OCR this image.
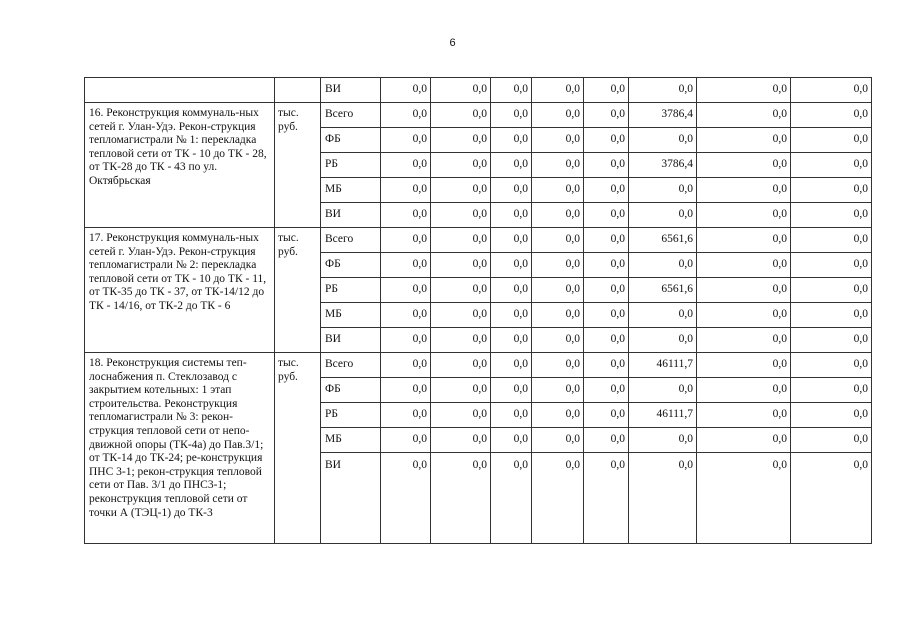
6
		ВИ	0,0	0,0	0,0	0,0	0,0	0,0	0,0	0,0
16. Реконструкция коммуналь-ных сетей г. Улан-Удэ. Рекон-струкция тепломагистрали № 1: перекладка тепловой сети от ТК - 10 до ТК - 28, от ТК-28 до ТК - 43 по ул. Октябрьская	тыс. руб.	Всего	0,0	0,0	0,0	0,0	0,0	3786,4	0,0	0,0
		ФБ	0,0	0,0	0,0	0,0	0,0	0,0	0,0	0,0
		РБ	0,0	0,0	0,0	0,0	0,0	3786,4	0,0	0,0
		МБ	0,0	0,0	0,0	0,0	0,0	0,0	0,0	0,0
		ВИ	0,0	0,0	0,0	0,0	0,0	0,0	0,0	0,0
17. Реконструкция коммуналь-ных сетей г. Улан-Удэ. Рекон-струкция тепломагистрали № 2: перекладка тепловой сети от ТК - 10 до ТК - 11, от ТК-35 до ТК - 37, от ТК-14/12 до ТК - 14/16, от ТК-2 до ТК - 6	тыс. руб.	Всего	0,0	0,0	0,0	0,0	0,0	6561,6	0,0	0,0
		ФБ	0,0	0,0	0,0	0,0	0,0	0,0	0,0	0,0
		РБ	0,0	0,0	0,0	0,0	0,0	6561,6	0,0	0,0
		МБ	0,0	0,0	0,0	0,0	0,0	0,0	0,0	0,0
		ВИ	0,0	0,0	0,0	0,0	0,0	0,0	0,0	0,0
18. Реконструкция системы теп-лоснабжения п. Стеклозавод с закрытием котельных: 1 этап строительства. Реконструкция тепломагистрали № 3: рекон-струкция тепловой сети от непо-движной опоры (ТК-4а) до Пав.3/1; от ТК-14 до ТК-24; ре-конструкция ПНС 3-1; рекон-струкция тепловой сети от Пав. 3/1 до ПНС3-1; реконструкция тепловой сети от точки А (ТЭЦ-1) до ТК-3	тыс. руб.	Всего	0,0	0,0	0,0	0,0	0,0	46111,7	0,0	0,0
		ФБ	0,0	0,0	0,0	0,0	0,0	0,0	0,0	0,0
		РБ	0,0	0,0	0,0	0,0	0,0	46111,7	0,0	0,0
		МБ	0,0	0,0	0,0	0,0	0,0	0,0	0,0	0,0
		ВИ	0,0	0,0	0,0	0,0	0,0	0,0	0,0	0,0
